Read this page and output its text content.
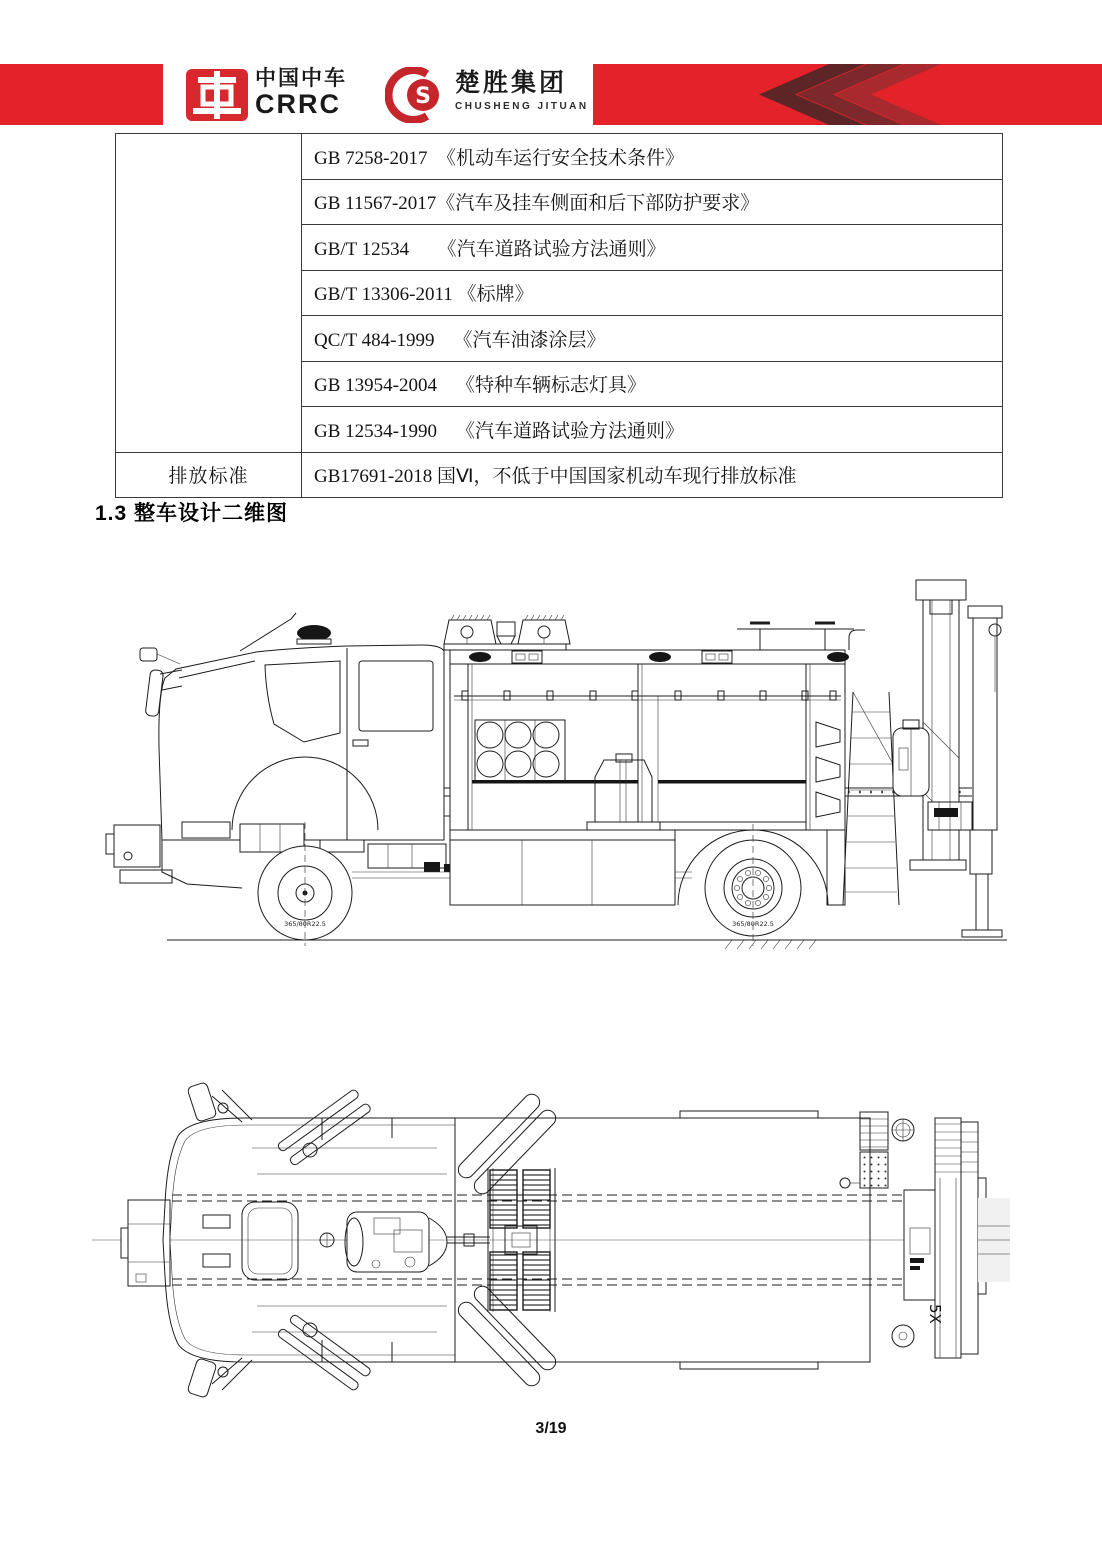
中国中车
CRRC	S 楚胜集团
CHUSHENG JITUAN
	GB 7258-2017  《机动车运行安全技术条件》
	GB 11567-2017《汽车及挂车侧面和后下部防护要求》
	GB/T 12534      《汽车道路试验方法通则》
	GB/T 13306-2011 《标牌》
	QC/T 484-1999    《汽车油漆涂层》
	GB 13954-2004    《特种车辆标志灯具》
	GB 12534-1990    《汽车道路试验方法通则》
排放标准	GB17691-2018 国Ⅵ，不低于中国国家机动车现行排放标准
1.3 整车设计二维图
365/80R22.5	365/80R22.5
5X
3/19
